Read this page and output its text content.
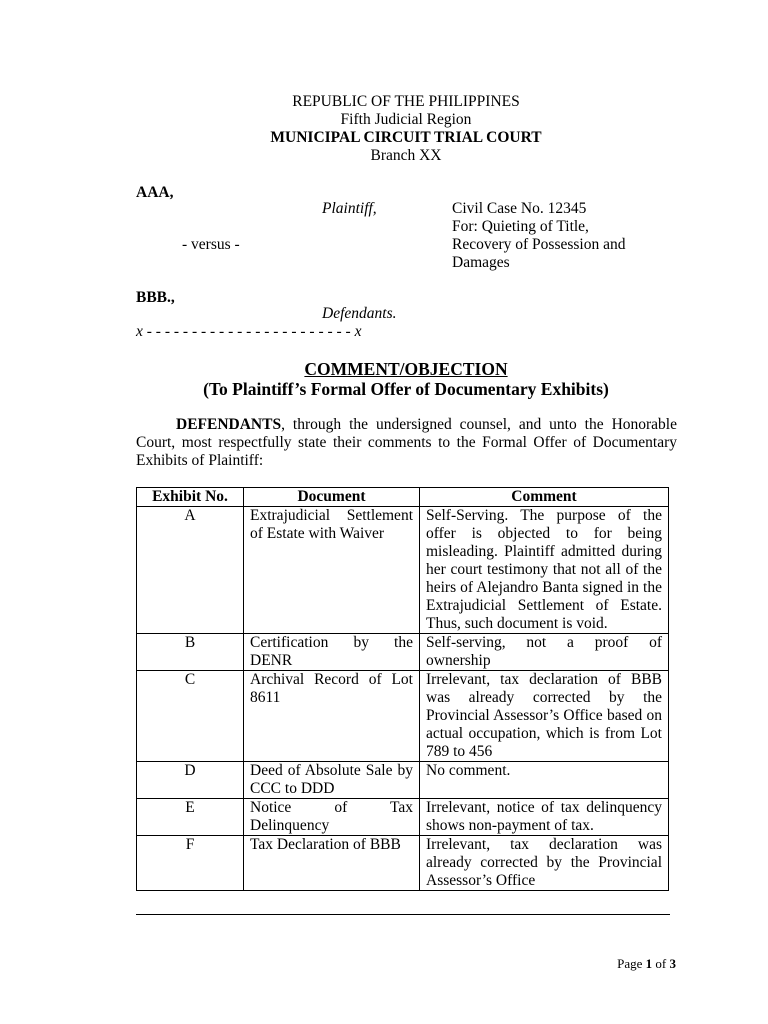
REPUBLIC OF THE PHILIPPINES
Fifth Judicial Region
MUNICIPAL CIRCUIT TRIAL COURT
Branch XX
AAA,
Plaintiff,
- versus -
BBB.,
Defendants.
x - - - - - - - - - - - - - - - - - - - - - - - x
Civil Case No. 12345
For: Quieting of Title,
Recovery of Possession and
Damages
COMMENT/OBJECTION
(To Plaintiff’s Formal Offer of Documentary Exhibits)
DEFENDANTS, through the undersigned counsel, and unto the Honorable Court, most respectfully state their comments to the Formal Offer of Documentary Exhibits of Plaintiff:
Exhibit No.	Document	Comment
A	Extrajudicial Settlement of Estate with Waiver	Self-Serving. The purpose of the offer is objected to for being misleading. Plaintiff admitted during her court testimony that not all of the heirs of Alejandro Banta signed in the Extrajudicial Settlement of Estate. Thus, such document is void.
B	Certification by the DENR	Self-serving, not a proof of ownership
C	Archival Record of Lot 8611	Irrelevant, tax declaration of BBB was already corrected by the Provincial Assessor’s Office based on actual occupation, which is from Lot 789 to 456
D	Deed of Absolute Sale by CCC to DDD	No comment.
E	Notice of Tax Delinquency	Irrelevant, notice of tax delinquency shows non-payment of tax.
F	Tax Declaration of BBB	Irrelevant, tax declaration was already corrected by the Provincial Assessor’s Office
Page 1 of 3
